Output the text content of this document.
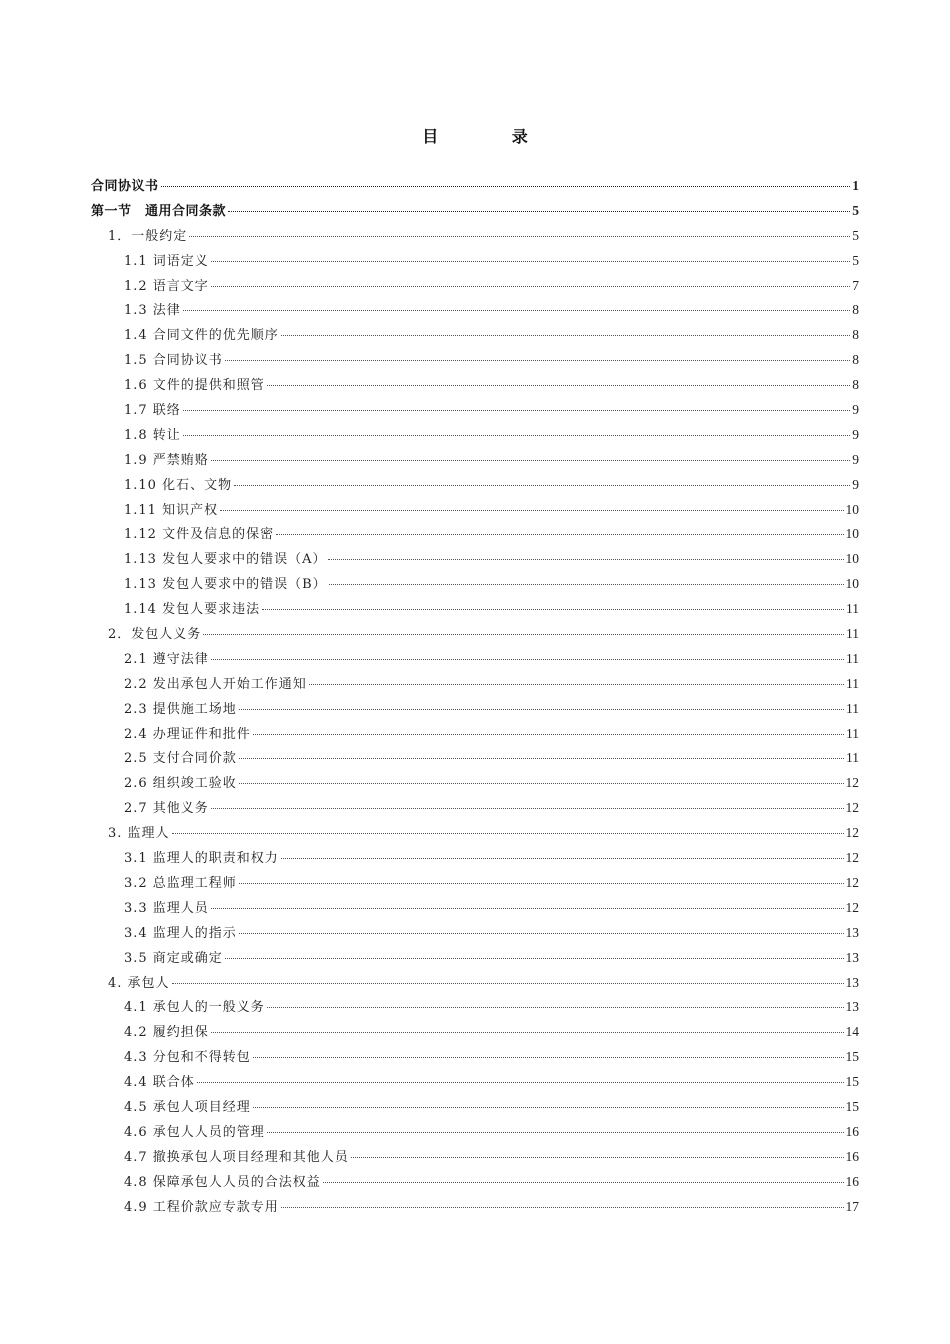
目 录
合同协议书	1
第一节　通用合同条款	5
1．一般约定	5
1.1 词语定义	5
1.2 语言文字	7
1.3 法律	8
1.4 合同文件的优先顺序	8
1.5 合同协议书	8
1.6 文件的提供和照管	8
1.7 联络	9
1.8 转让	9
1.9 严禁贿赂	9
1.10 化石、文物	9
1.11 知识产权	10
1.12 文件及信息的保密	10
1.13 发包人要求中的错误（A）	10
1.13 发包人要求中的错误（B）	10
1.14 发包人要求违法	11
2．发包人义务	11
2.1 遵守法律	11
2.2 发出承包人开始工作通知	11
2.3 提供施工场地	11
2.4 办理证件和批件	11
2.5 支付合同价款	11
2.6 组织竣工验收	12
2.7 其他义务	12
3. 监理人	12
3.1 监理人的职责和权力	12
3.2 总监理工程师	12
3.3 监理人员	12
3.4 监理人的指示	13
3.5 商定或确定	13
4. 承包人	13
4.1 承包人的一般义务	13
4.2 履约担保	14
4.3 分包和不得转包	15
4.4 联合体	15
4.5 承包人项目经理	15
4.6 承包人人员的管理	16
4.7 撤换承包人项目经理和其他人员	16
4.8 保障承包人人员的合法权益	16
4.9 工程价款应专款专用	17
